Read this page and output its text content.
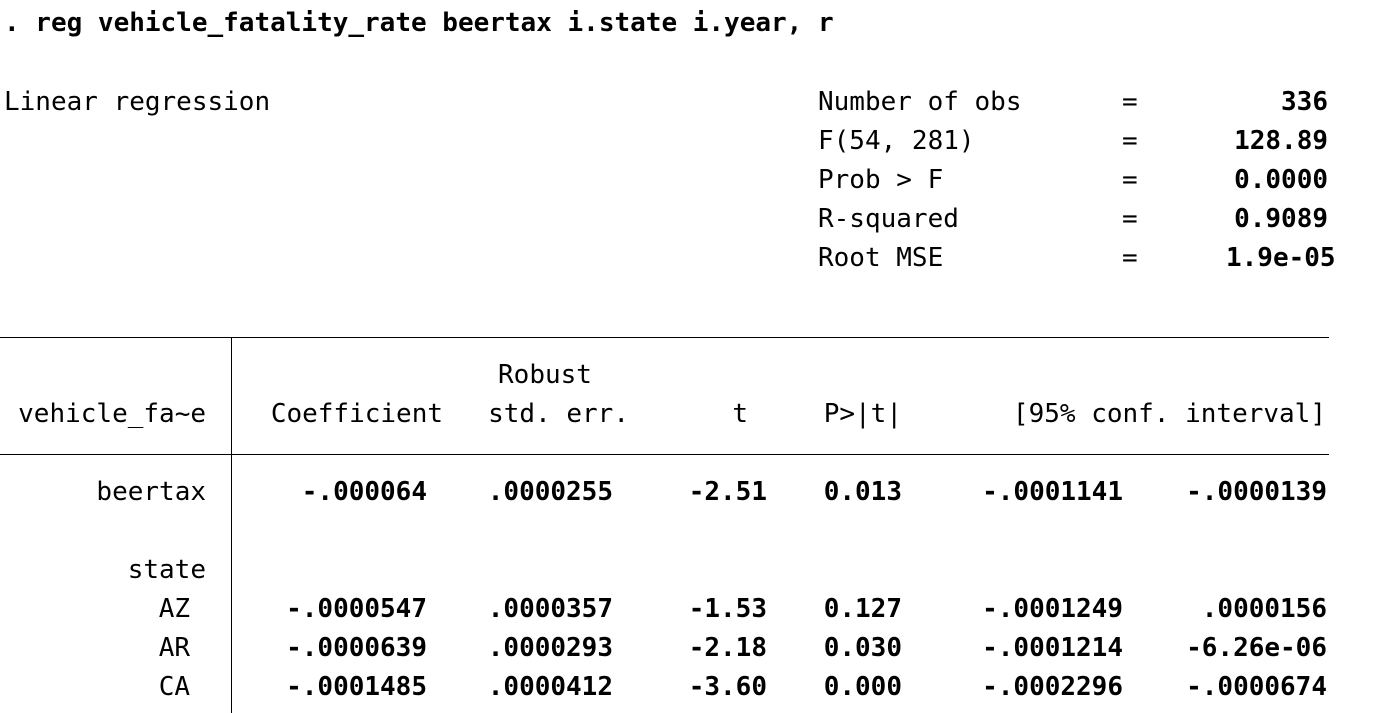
. reg vehicle_fatality_rate beertax i.state i.year, r
Linear regression	Number of obs	=	336
F(54, 281)	=	128.89
Prob > F	=	0.0000
R-squared	=	0.9089
Root MSE	=	1.9e-05
Robust
vehicle_fa~e	Coefficient	std. err.	t	P>|t|	[95% conf. interval]
beertax	-.000064	.0000255	-2.51	0.013	-.0001141	-.0000139
state
AZ	-.0000547	.0000357	-1.53	0.127	-.0001249	.0000156
AR	-.0000639	.0000293	-2.18	0.030	-.0001214	-6.26e-06
CA	-.0001485	.0000412	-3.60	0.000	-.0002296	-.0000674
